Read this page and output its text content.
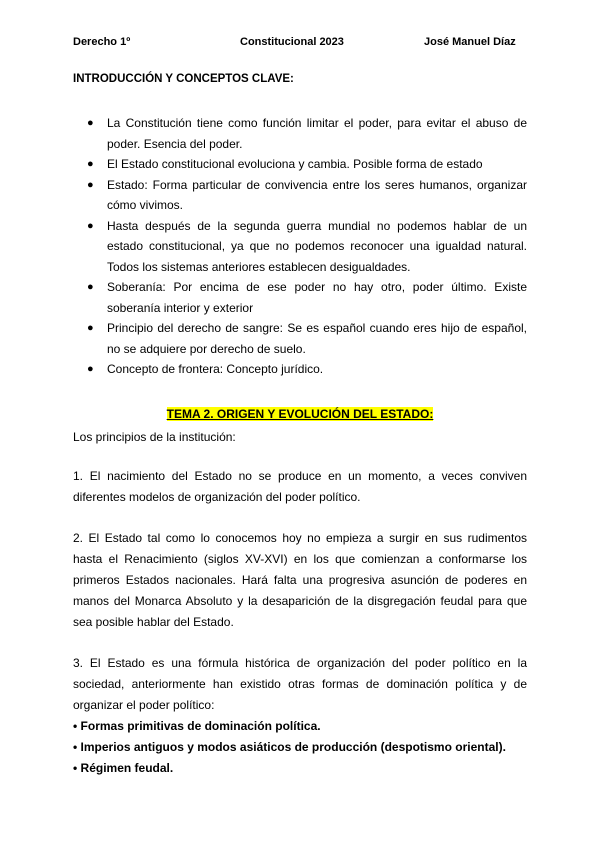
Derecho 1º	Constitucional 2023	José Manuel Díaz
INTRODUCCIÓN Y CONCEPTOS CLAVE:
● La Constitución tiene como función limitar el poder, para evitar el abuso de poder. Esencia del poder.
● El Estado constitucional evoluciona y cambia. Posible forma de estado
● Estado: Forma particular de convivencia entre los seres humanos, organizar cómo vivimos.
● Hasta después de la segunda guerra mundial no podemos hablar de un estado constitucional, ya que no podemos reconocer una igualdad natural. Todos los sistemas anteriores establecen desigualdades.
● Soberanía: Por encima de ese poder no hay otro, poder último. Existe soberanía interior y exterior
● Principio del derecho de sangre: Se es español cuando eres hijo de español, no se adquiere por derecho de suelo.
● Concepto de frontera: Concepto jurídico.
TEMA 2. ORIGEN Y EVOLUCIÓN DEL ESTADO:

Los principios de la institución:

1. El nacimiento del Estado no se produce en un momento, a veces conviven diferentes modelos de organización del poder político.

2. El Estado tal como lo conocemos hoy no empieza a surgir en sus rudimentos hasta el Renacimiento (siglos XV-XVI) en los que comienzan a conformarse los primeros Estados nacionales. Hará falta una progresiva asunción de poderes en manos del Monarca Absoluto y la desaparición de la disgregación feudal para que sea posible hablar del Estado.

3. El Estado es una fórmula histórica de organización del poder político en la sociedad, anteriormente han existido otras formas de dominación política y de organizar el poder político:

• Formas primitivas de dominación política.
• Imperios antiguos y modos asiáticos de producción (despotismo oriental).
• Régimen feudal.
